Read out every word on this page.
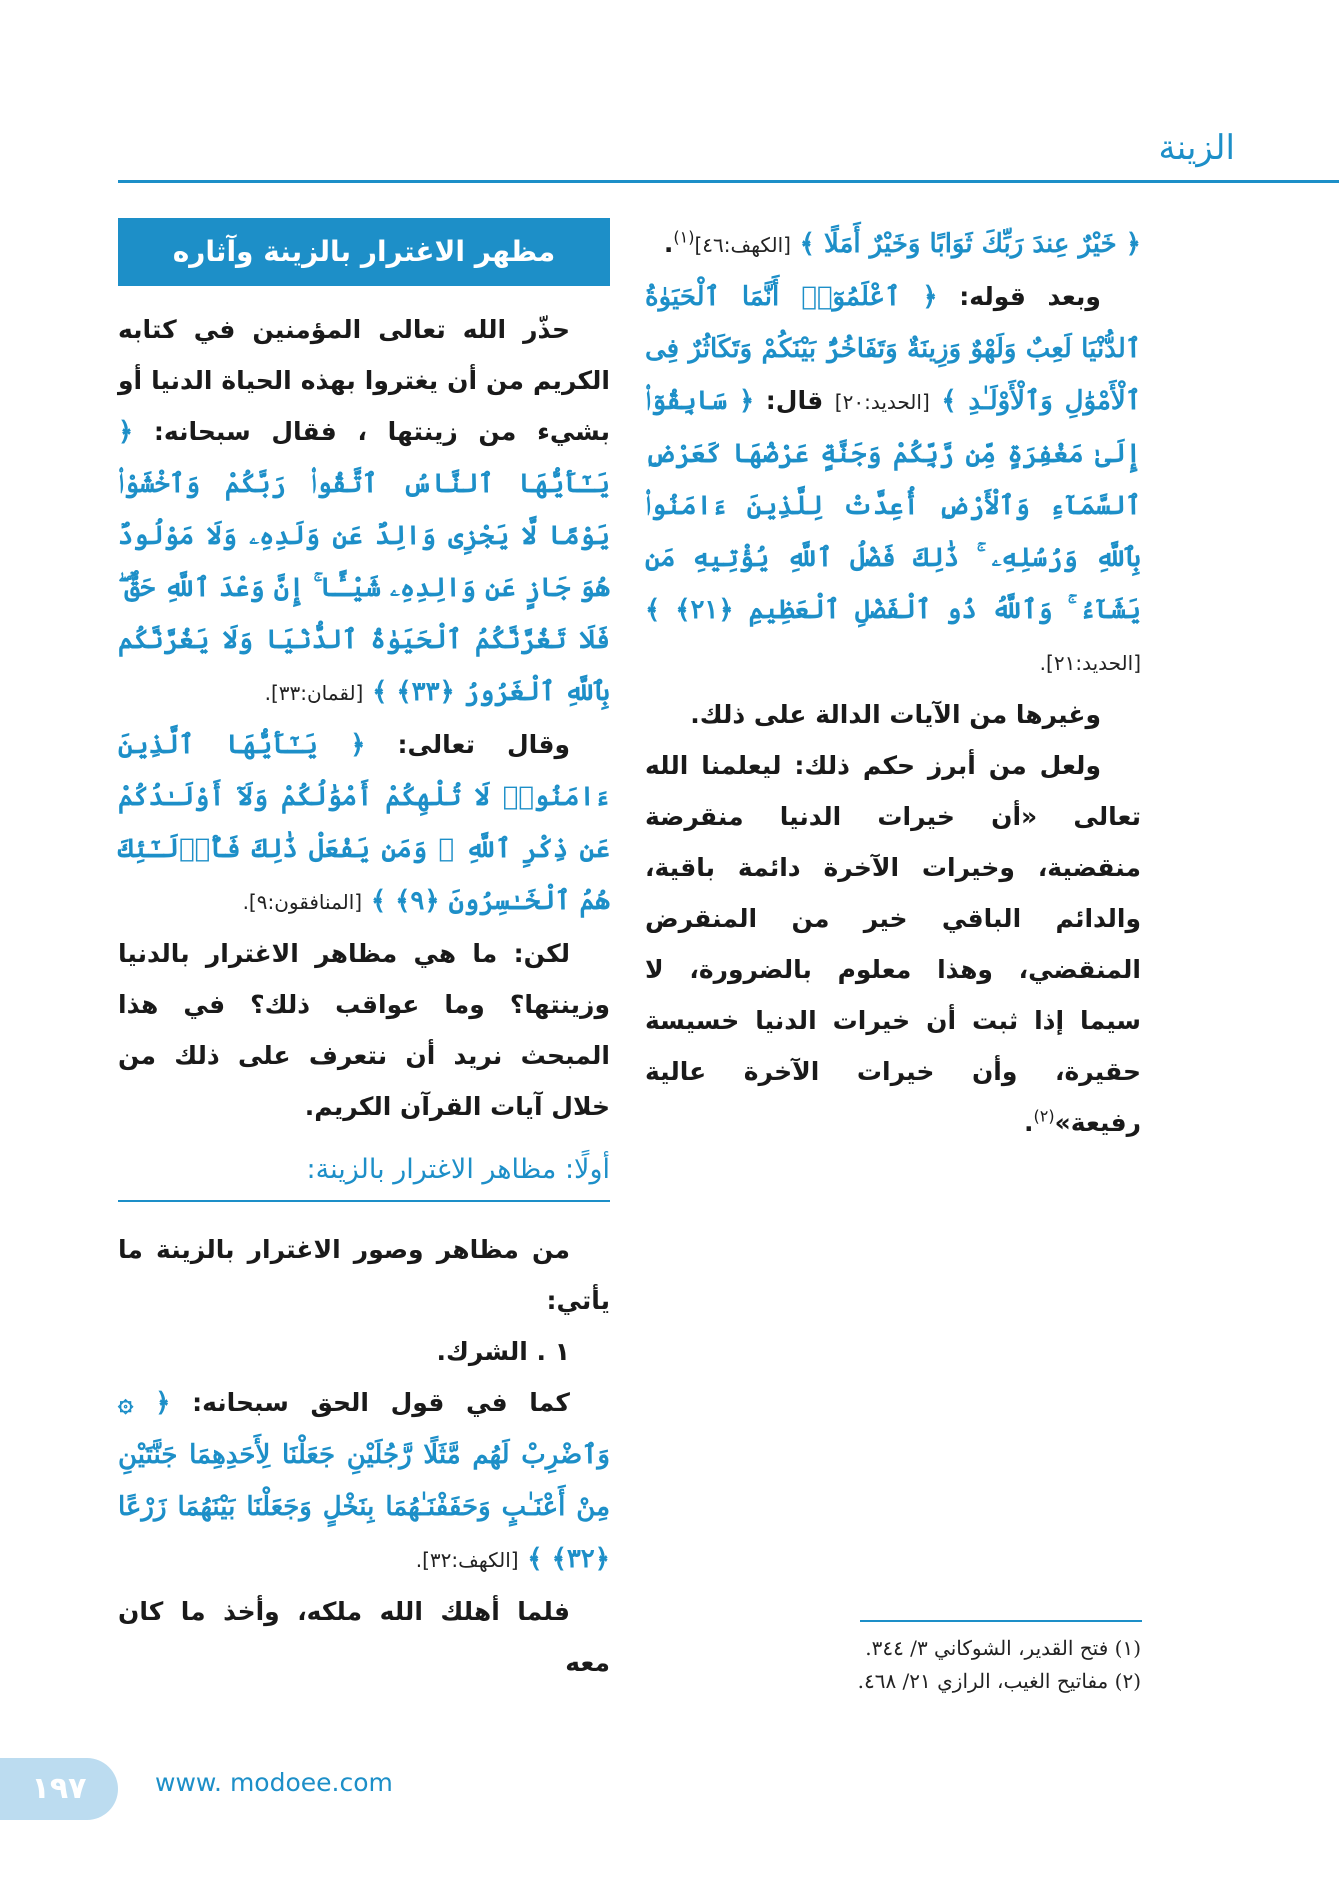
الزينة

﴿ خَيْرٌ عِندَ رَبِّكَ ثَوَابًا وَخَيْرٌ أَمَلًا ﴾ [الكهف:٤٦]$^{(١)}$.

وبعد قوله: ﴿ ٱعْلَمُوٓا۟ أَنَّمَا ٱلْحَيَوٰةُ ٱلدُّنْيَا لَعِبٌ وَلَهْوٌ وَزِينَةٌ وَتَفَاخُرٌۢ بَيْنَكُمْ وَتَكَاثُرٌ فِى ٱلْأَمْوَٰلِ وَٱلْأَوْلَـٰدِ ﴾ [الحديد:٢٠] قال: ﴿ سَابِقُوٓا۟ إِلَىٰ مَغْفِرَةٍ مِّن رَّبِّكُمْ وَجَنَّةٍ عَرْضُهَا كَعَرْضِ ٱلسَّمَآءِ وَٱلْأَرْضِ أُعِدَّتْ لِلَّذِينَ ءَامَنُوا۟ بِٱللَّهِ وَرُسُلِهِۦ ۚ ذَٰلِكَ فَضْلُ ٱللَّهِ يُؤْتِيهِ مَن يَشَآءُ ۚ وَٱللَّهُ ذُو ٱلْفَضْلِ ٱلْعَظِيمِ ﴿٢١﴾ ﴾ [الحديد:٢١].

وغيرها من الآيات الدالة على ذلك.

ولعل من أبرز حكم ذلك: ليعلمنا الله تعالى «أن خيرات الدنيا منقرضة منقضية، وخيرات الآخرة دائمة باقية، والدائم الباقي خير من المنقرض المنقضي، وهذا معلوم بالضرورة، لا سيما إذا ثبت أن خيرات الدنيا خسيسة حقيرة، وأن خيرات الآخرة عالية رفيعة»$^{(٢)}$.

مظهر الاغترار بالزينة وآثاره

حذّر الله تعالى المؤمنين في كتابه الكريم من أن يغتروا بهذه الحياة الدنيا أو بشيء من زينتها ، فقال سبحانه: ﴿ يَـٰٓأَيُّهَا ٱلنَّاسُ ٱتَّقُوا۟ رَبَّكُمْ وَٱخْشَوْا۟ يَوْمًا لَّا يَجْزِى وَالِدٌ عَن وَلَدِهِۦ وَلَا مَوْلُودٌ هُوَ جَازٍ عَن وَالِدِهِۦ شَيْـًٔا ۚ إِنَّ وَعْدَ ٱللَّهِ حَقٌّ ۖ فَلَا تَغُرَّنَّكُمُ ٱلْحَيَوٰةُ ٱلدُّنْيَا وَلَا يَغُرَّنَّكُم بِٱللَّهِ ٱلْغَرُورُ ﴿٣٣﴾ ﴾ [لقمان:٣٣].

وقال تعالى: ﴿ يَـٰٓأَيُّهَا ٱلَّذِينَ ءَامَنُوا۟ لَا تُلْهِكُمْ أَمْوَٰلُكُمْ وَلَآ أَوْلَـٰدُكُمْ عَن ذِكْرِ ٱللَّهِ ۚ وَمَن يَفْعَلْ ذَٰلِكَ فَأُو۟لَـٰٓئِكَ هُمُ ٱلْخَـٰسِرُونَ ﴿٩﴾ ﴾ [المنافقون:٩].

لكن: ما هي مظاهر الاغترار بالدنيا وزينتها؟ وما عواقب ذلك؟ في هذا المبحث نريد أن نتعرف على ذلك من خلال آيات القرآن الكريم.

أولًا: مظاهر الاغترار بالزينة:

من مظاهر وصور الاغترار بالزينة ما يأتي:

١ . الشرك.

كما في قول الحق سبحانه: ﴿ ۞ وَٱضْرِبْ لَهُم مَّثَلًا رَّجُلَيْنِ جَعَلْنَا لِأَحَدِهِمَا جَنَّتَيْنِ مِنْ أَعْنَـٰبٍ وَحَفَفْنَـٰهُمَا بِنَخْلٍ وَجَعَلْنَا بَيْنَهُمَا زَرْعًا ﴿٣٢﴾ ﴾ [الكهف:٣٢].

فلما أهلك الله ملكه، وأخذ ما كان معه	(١) فتح القدير، الشوكاني ٣/ ٣٤٤.
(٢) مفاتيح الغيب، الرازي ٢١/ ٤٦٨.
١٩٧	www. modoee.com
